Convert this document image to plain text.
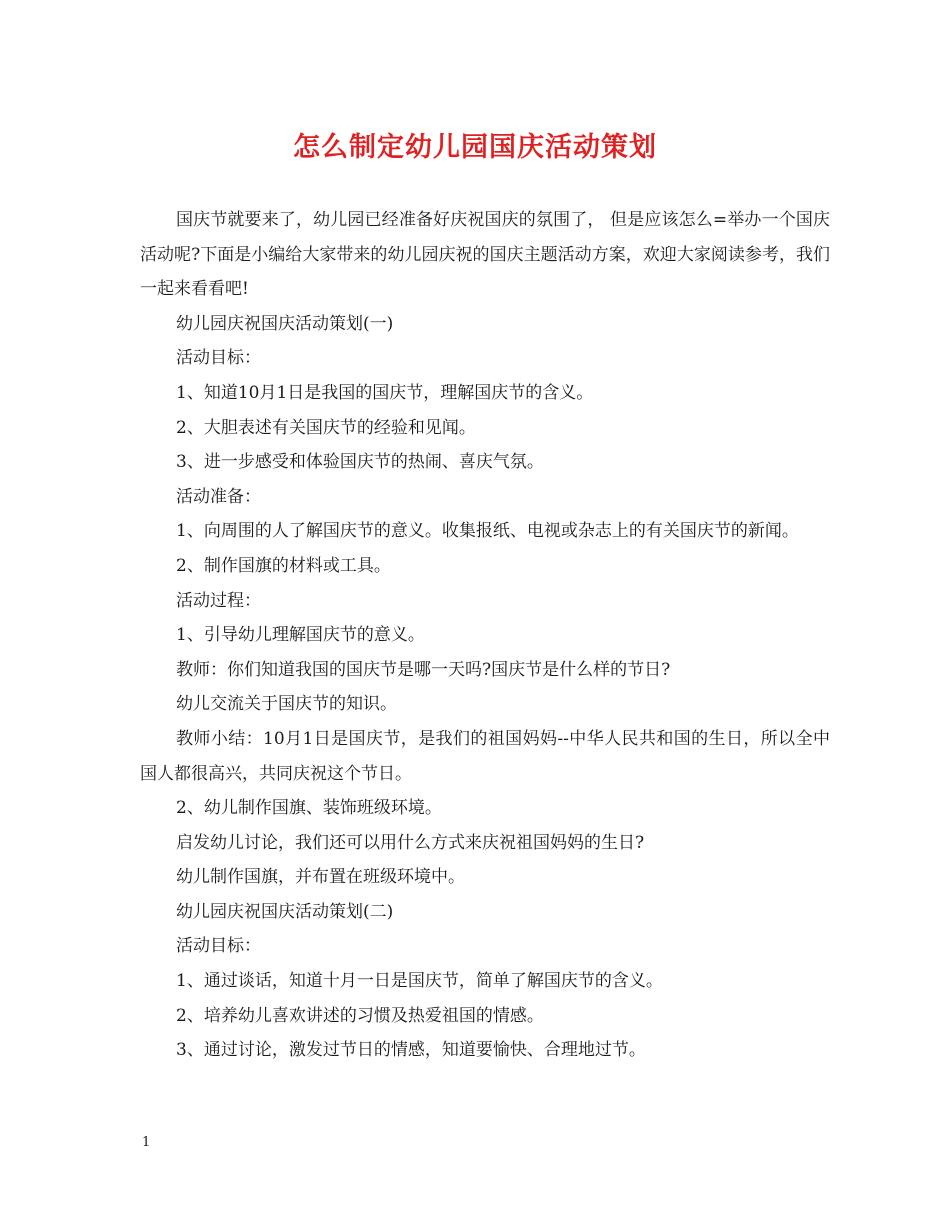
怎么制定幼儿园国庆活动策划

国庆节就要来了，幼儿园已经准备好庆祝国庆的氛围了， 但是应该怎么=举办一个国庆活动呢?下面是小编给大家带来的幼儿园庆祝的国庆主题活动方案，欢迎大家阅读参考，我们一起来看看吧!

幼儿园庆祝国庆活动策划(一)

活动目标：

1、知道10月1日是我国的国庆节，理解国庆节的含义。

2、大胆表述有关国庆节的经验和见闻。

3、进一步感受和体验国庆节的热闹、喜庆气氛。

活动准备：

1、向周围的人了解国庆节的意义。收集报纸、电视或杂志上的有关国庆节的新闻。

2、制作国旗的材料或工具。

活动过程：

1、引导幼儿理解国庆节的意义。

教师：你们知道我国的国庆节是哪一天吗?国庆节是什么样的节日?

幼儿交流关于国庆节的知识。

教师小结：10月1日是国庆节，是我们的祖国妈妈--中华人民共和国的生日，所以全中国人都很高兴，共同庆祝这个节日。

2、幼儿制作国旗、装饰班级环境。

启发幼儿讨论，我们还可以用什么方式来庆祝祖国妈妈的生日?

幼儿制作国旗，并布置在班级环境中。

幼儿园庆祝国庆活动策划(二)

活动目标：

1、通过谈话，知道十月一日是国庆节，简单了解国庆节的含义。

2、培养幼儿喜欢讲述的习惯及热爱祖国的情感。

3、通过讨论，激发过节日的情感，知道要愉快、合理地过节。

1
